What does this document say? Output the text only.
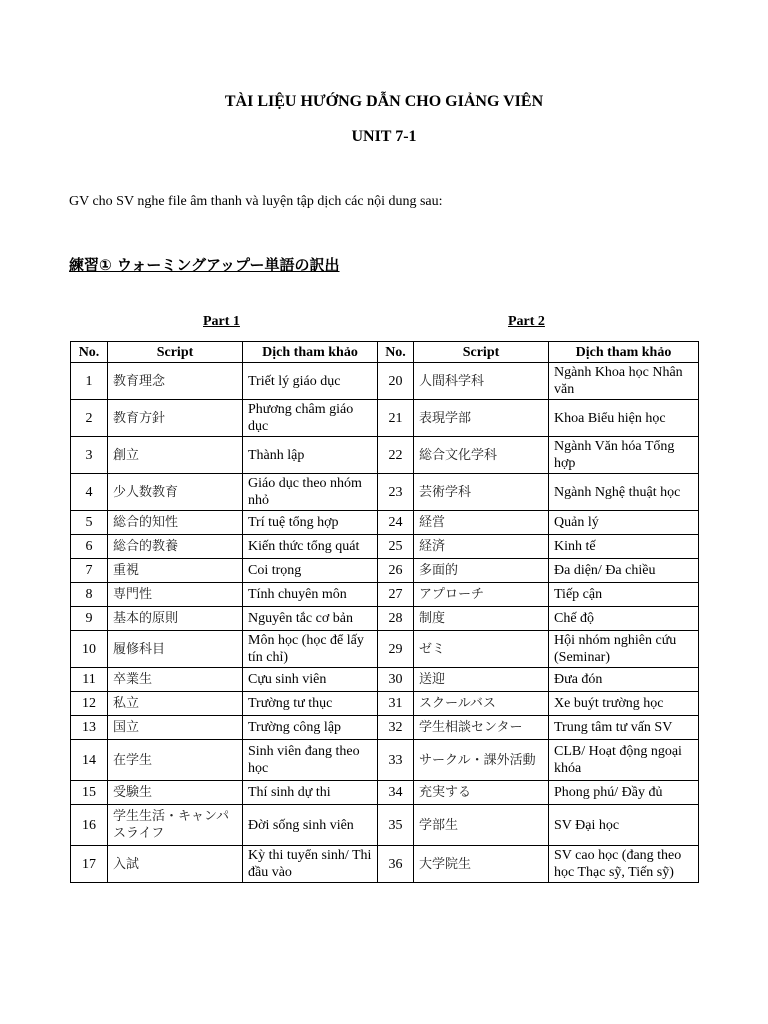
TÀI LIỆU HƯỚNG DẪN CHO GIẢNG VIÊN
UNIT 7-1
GV cho SV nghe file âm thanh và luyện tập dịch các nội dung sau:
練習① ウォーミングアップー単語の訳出
Part 1	Part 2
No.	Script	Dịch tham khảo	No.	Script	Dịch tham khảo
1	教育理念	Triết lý giáo dục	20	人間科学科	Ngành Khoa học Nhân văn
2	教育方針	Phương châm giáo dục	21	表現学部	Khoa Biểu hiện học
3	創立	Thành lập	22	総合文化学科	Ngành Văn hóa Tổng hợp
4	少人数教育	Giáo dục theo nhóm nhỏ	23	芸術学科	Ngành Nghệ thuật học
5	総合的知性	Trí tuệ tổng hợp	24	経営	Quản lý
6	総合的教養	Kiến thức tổng quát	25	経済	Kinh tế
7	重視	Coi trọng	26	多面的	Đa diện/ Đa chiều
8	専門性	Tính chuyên môn	27	アプローチ	Tiếp cận
9	基本的原則	Nguyên tắc cơ bản	28	制度	Chế độ
10	履修科目	Môn học (học để lấy tín chỉ)	29	ゼミ	Hội nhóm nghiên cứu (Seminar)
11	卒業生	Cựu sinh viên	30	送迎	Đưa đón
12	私立	Trường tư thục	31	スクールバス	Xe buýt trường học
13	国立	Trường công lập	32	学生相談センター	Trung tâm tư vấn SV
14	在学生	Sinh viên đang theo học	33	サークル・課外活動	CLB/ Hoạt động ngoại khóa
15	受験生	Thí sinh dự thi	34	充実する	Phong phú/ Đầy đủ
16	学生生活・キャンパスライフ	Đời sống sinh viên	35	学部生	SV Đại học
17	入試	Kỳ thi tuyển sinh/ Thi đầu vào	36	大学院生	SV cao học (đang theo học Thạc sỹ, Tiến sỹ)
